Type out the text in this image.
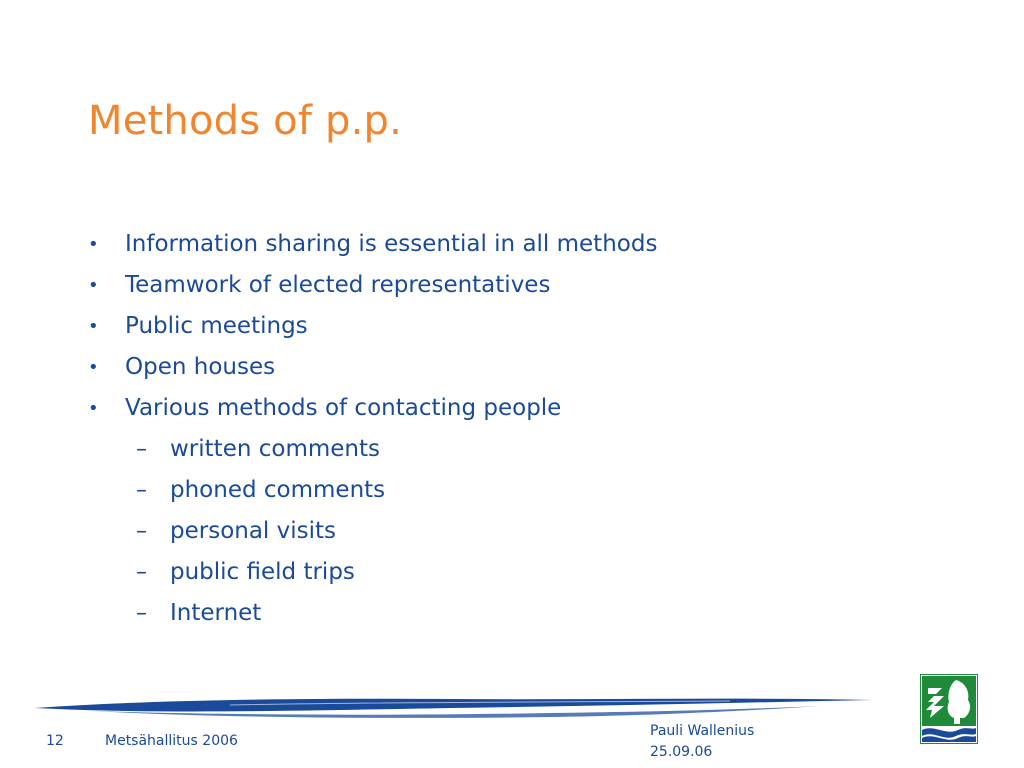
Methods of p.p.
•	Information sharing is essential in all methods
•	Teamwork of elected representatives
•	Public meetings
•	Open houses
•	Various methods of contacting people
–	written comments
–	phoned comments
–	personal visits
–	public field trips
–	Internet
12	Metsähallitus 2006
Pauli Wallenius
25.09.06
